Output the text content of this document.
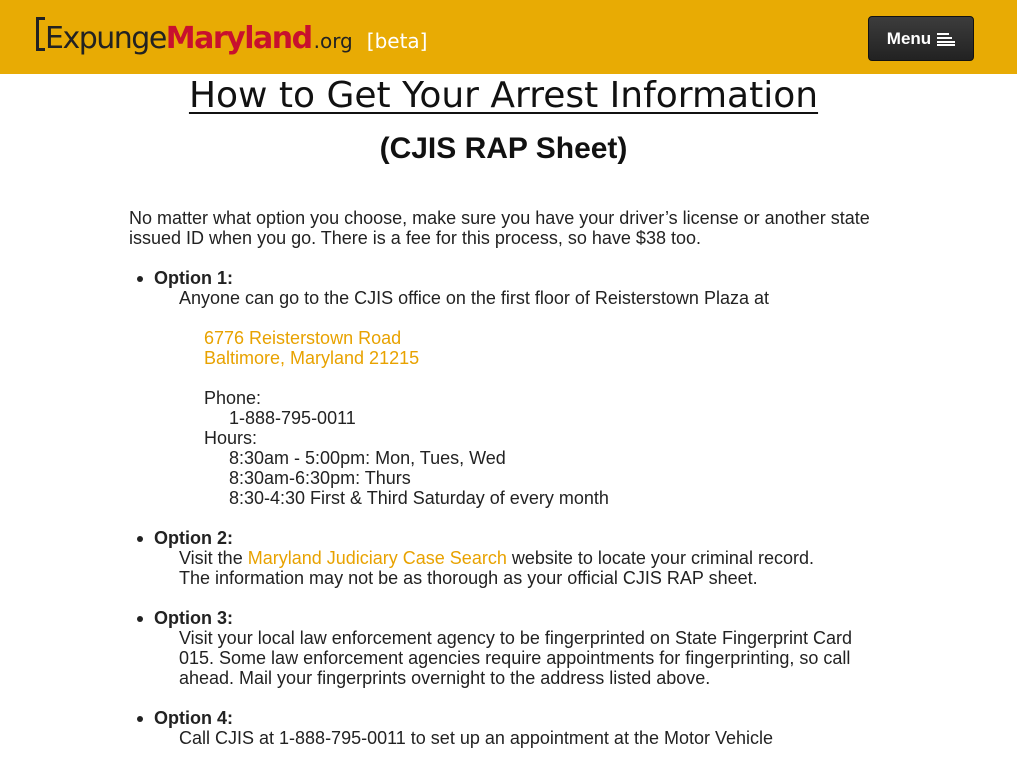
Expunge Maryland .org [beta]	Menu
How to Get Your Arrest Information
(CJIS RAP Sheet)

No matter what option you choose, make sure you have your driver’s license or another state issued ID when you go. There is a fee for this process, so have $38 too.

Option 1:
Anyone can go to the CJIS office on the first floor of Reisterstown Plaza at
6776 Reisterstown Road
Baltimore, Maryland 21215
Phone:
1-888-795-0011
Hours:
8:30am - 5:00pm: Mon, Tues, Wed
8:30am-6:30pm: Thurs
8:30-4:30 First & Third Saturday of every month
Option 2:
Visit the Maryland Judiciary Case Search website to locate your criminal record.
The information may not be as thorough as your official CJIS RAP sheet.
Option 3:
Visit your local law enforcement agency to be fingerprinted on State Fingerprint Card 015. Some law enforcement agencies require appointments for fingerprinting, so call ahead. Mail your fingerprints overnight to the address listed above.
Option 4:
Call CJIS at 1-888-795-0011 to set up an appointment at the Motor Vehicle
